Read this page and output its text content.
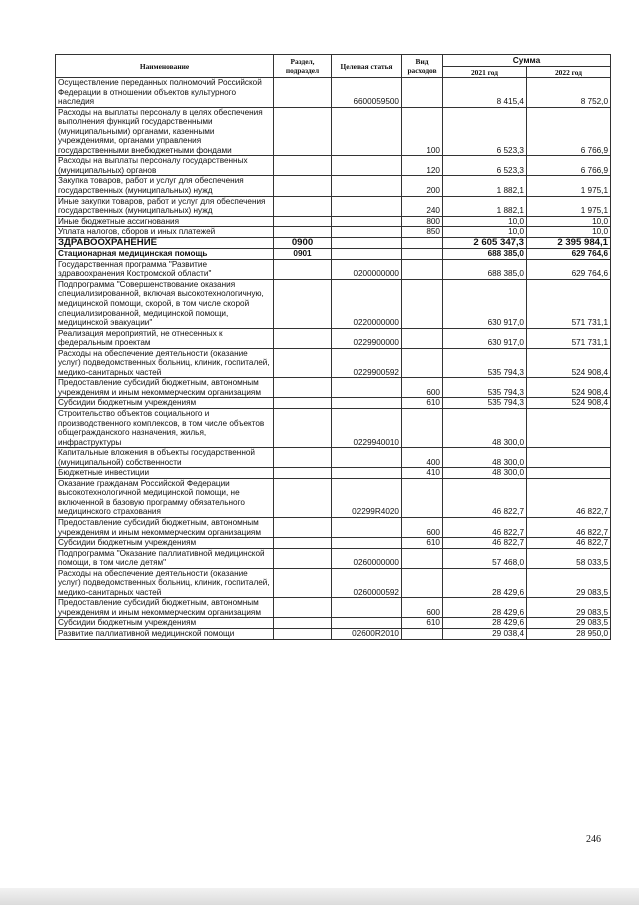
Наименование	Раздел, подраздел	Целевая статья	Вид расходов	Сумма	
				2021 год	2022 год
Осуществление переданных полномочий Российской Федерации в отношении объектов культурного наследия		6600059500		8 415,4	8 752,0
Расходы на выплаты персоналу в целях обеспечения выполнения функций государственными (муниципальными) органами, казенными учреждениями, органами управления государственными внебюджетными фондами			100	6 523,3	6 766,9
Расходы на выплаты персоналу государственных (муниципальных) органов			120	6 523,3	6 766,9
Закупка товаров, работ и услуг для обеспечения государственных (муниципальных) нужд			200	1 882,1	1 975,1
Иные закупки товаров, работ и услуг для обеспечения государственных (муниципальных) нужд			240	1 882,1	1 975,1
Иные бюджетные ассигнования			800	10,0	10,0
Уплата налогов, сборов и иных платежей			850	10,0	10,0
ЗДРАВООХРАНЕНИЕ	0900			2 605 347,3	2 395 984,1
Стационарная медицинская помощь	0901			688 385,0	629 764,6
Государственная программа "Развитие здравоохранения Костромской области"		0200000000		688 385,0	629 764,6
Подпрограмма "Совершенствование оказания специализированной, включая высокотехнологичную, медицинской помощи, скорой, в том числе скорой специализированной, медицинской помощи, медицинской эвакуации"		0220000000		630 917,0	571 731,1
Реализация мероприятий, не отнесенных к федеральным проектам		0229900000		630 917,0	571 731,1
Расходы на обеспечение деятельности (оказание услуг) подведомственных больниц, клиник, госпиталей, медико-санитарных частей		0229900592		535 794,3	524 908,4
Предоставление субсидий бюджетным, автономным учреждениям и иным некоммерческим организациям			600	535 794,3	524 908,4
Субсидии бюджетным учреждениям			610	535 794,3	524 908,4
Строительство объектов социального и производственного комплексов, в том числе объектов общегражданского назначения, жилья, инфраструктуры		0229940010		48 300,0	
Капитальные вложения в объекты государственной (муниципальной) собственности			400	48 300,0	
Бюджетные инвестиции			410	48 300,0	
Оказание гражданам Российской Федерации высокотехнологичной медицинской помощи, не включенной в базовую программу обязательного медицинского страхования		02299R4020		46 822,7	46 822,7
Предоставление субсидий бюджетным, автономным учреждениям и иным некоммерческим организациям			600	46 822,7	46 822,7
Субсидии бюджетным учреждениям			610	46 822,7	46 822,7
Подпрограмма "Оказание паллиативной медицинской помощи, в том числе детям"		0260000000		57 468,0	58 033,5
Расходы на обеспечение деятельности (оказание услуг) подведомственных больниц, клиник, госпиталей, медико-санитарных частей		0260000592		28 429,6	29 083,5
Предоставление субсидий бюджетным, автономным учреждениям и иным некоммерческим организациям			600	28 429,6	29 083,5
Субсидии бюджетным учреждениям			610	28 429,6	29 083,5
Развитие паллиативной медицинской помощи		02600R2010		29 038,4	28 950,0
246
